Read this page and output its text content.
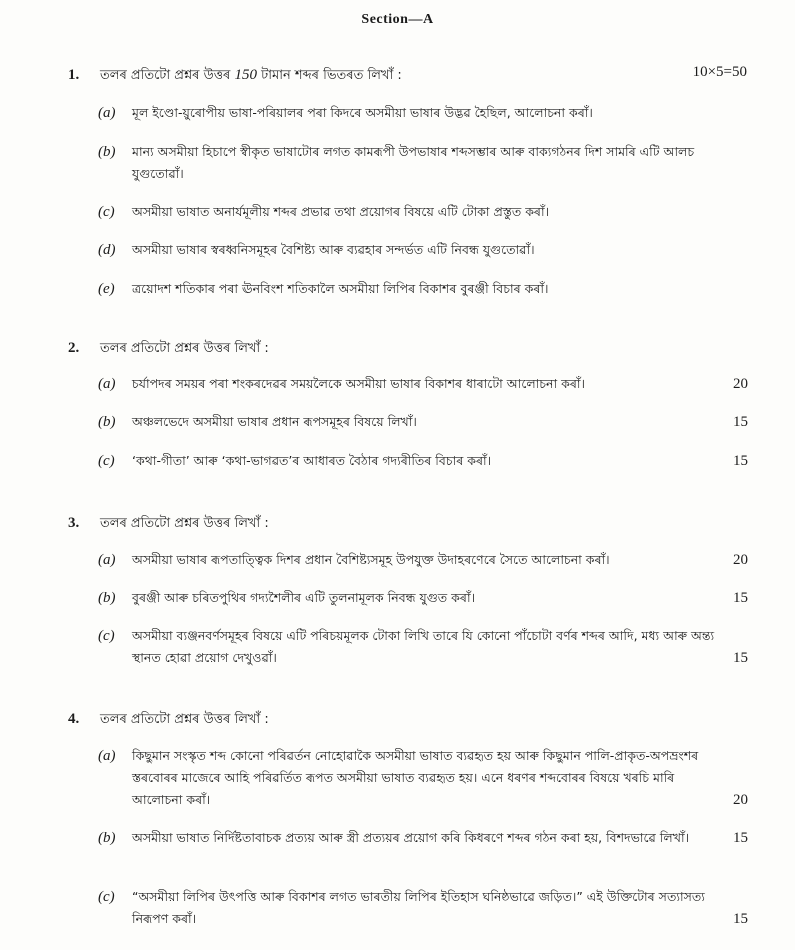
Section—A
1.	তলৰ প্ৰতিটো প্ৰশ্নৰ উত্তৰ 150 টামান শব্দৰ ভিতৰত লিখাঁ :	10×5=50
(a) মূল ইণ্ডো-য়ুৰোপীয় ভাষা-পৰিয়ালৰ পৰা কিদৰে অসমীয়া ভাষাৰ উদ্ভৱ হৈছিল, আলোচনা কৰাঁ।
(b) মান্য অসমীয়া হিচাপে স্বীকৃত ভাষাটোৰ লগত কামৰূপী উপভাষাৰ শব্দসম্ভাৰ আৰু বাক্যগঠনৰ দিশ সামৰি এটি আলচ যুগুতোৱাঁ।
(c) অসমীয়া ভাষাত অনাৰ্যমূলীয় শব্দৰ প্ৰভাৱ তথা প্ৰয়োগৰ বিষয়ে এটি টোকা প্ৰস্তুত কৰাঁ।
(d) অসমীয়া ভাষাৰ স্বৰধ্বনিসমূহৰ বৈশিষ্ট্য আৰু ব্যৱহাৰ সন্দৰ্ভত এটি নিবন্ধ যুগুতোৱাঁ।
(e) ত্ৰয়োদশ শতিকাৰ পৰা ঊনবিংশ শতিকালৈ অসমীয়া লিপিৰ বিকাশৰ বুৰঞ্জী বিচাৰ কৰাঁ।
2.	তলৰ প্ৰতিটো প্ৰশ্নৰ উত্তৰ লিখাঁ :
(a) চৰ্যাপদৰ সময়ৰ পৰা শংকৰদেৱৰ সময়লৈকে অসমীয়া ভাষাৰ বিকাশৰ ধাৰাটো আলোচনা কৰাঁ।	20
(b) অঞ্চলভেদে অসমীয়া ভাষাৰ প্ৰধান ৰূপসমূহৰ বিষয়ে লিখাঁ।	15
(c) ‘কথা-গীতা’ আৰু ‘কথা-ভাগৱত’ৰ আধাৰত বৈঠাৰ গদ্যৰীতিৰ বিচাৰ কৰাঁ।	15
3.	তলৰ প্ৰতিটো প্ৰশ্নৰ উত্তৰ লিখাঁ :
(a) অসমীয়া ভাষাৰ ৰূপতাত্ত্বিক দিশৰ প্ৰধান বৈশিষ্ট্যসমূহ উপযুক্ত উদাহৰণেৰে সৈতে আলোচনা কৰাঁ।	20
(b) বুৰঞ্জী আৰু চৰিতপুথিৰ গদ্যশৈলীৰ এটি তুলনামূলক নিবন্ধ যুগুত কৰাঁ।	15
(c) অসমীয়া ব্যঞ্জনবৰ্ণসমূহৰ বিষয়ে এটি পৰিচয়মূলক টোকা লিখি তাৰে যি কোনো পাঁচোটা বৰ্ণৰ শব্দৰ আদি, মধ্য আৰু অন্ত্য স্থানত হোৱা প্ৰয়োগ দেখুওৱাঁ।	15
4.	তলৰ প্ৰতিটো প্ৰশ্নৰ উত্তৰ লিখাঁ :
(a) কিছুমান সংস্কৃত শব্দ কোনো পৰিৱৰ্তন নোহোৱাকৈ অসমীয়া ভাষাত ব্যৱহৃত হয় আৰু কিছুমান পালি-প্ৰাকৃত-অপভ্ৰংশৰ স্তৰবোৰৰ মাজেৰে আহি পৰিৱৰ্তিত ৰূপত অসমীয়া ভাষাত ব্যৱহৃত হয়। এনে ধৰণৰ শব্দবোৰৰ বিষয়ে খৰচি মাৰি আলোচনা কৰাঁ।	20
(b) অসমীয়া ভাষাত নিৰ্দিষ্টতাবাচক প্ৰত্যয় আৰু স্ত্ৰী প্ৰত্যয়ৰ প্ৰয়োগ কৰি কিধৰণে শব্দৰ গঠন কৰা হয়, বিশদভাৱে লিখাঁ।	15
(c) “অসমীয়া লিপিৰ উৎপত্তি আৰু বিকাশৰ লগত ভাৰতীয় লিপিৰ ইতিহাস ঘনিষ্ঠভাৱে জড়িত।” এই উক্তিটোৰ সত্যাসত্য নিৰূপণ কৰাঁ।	15
